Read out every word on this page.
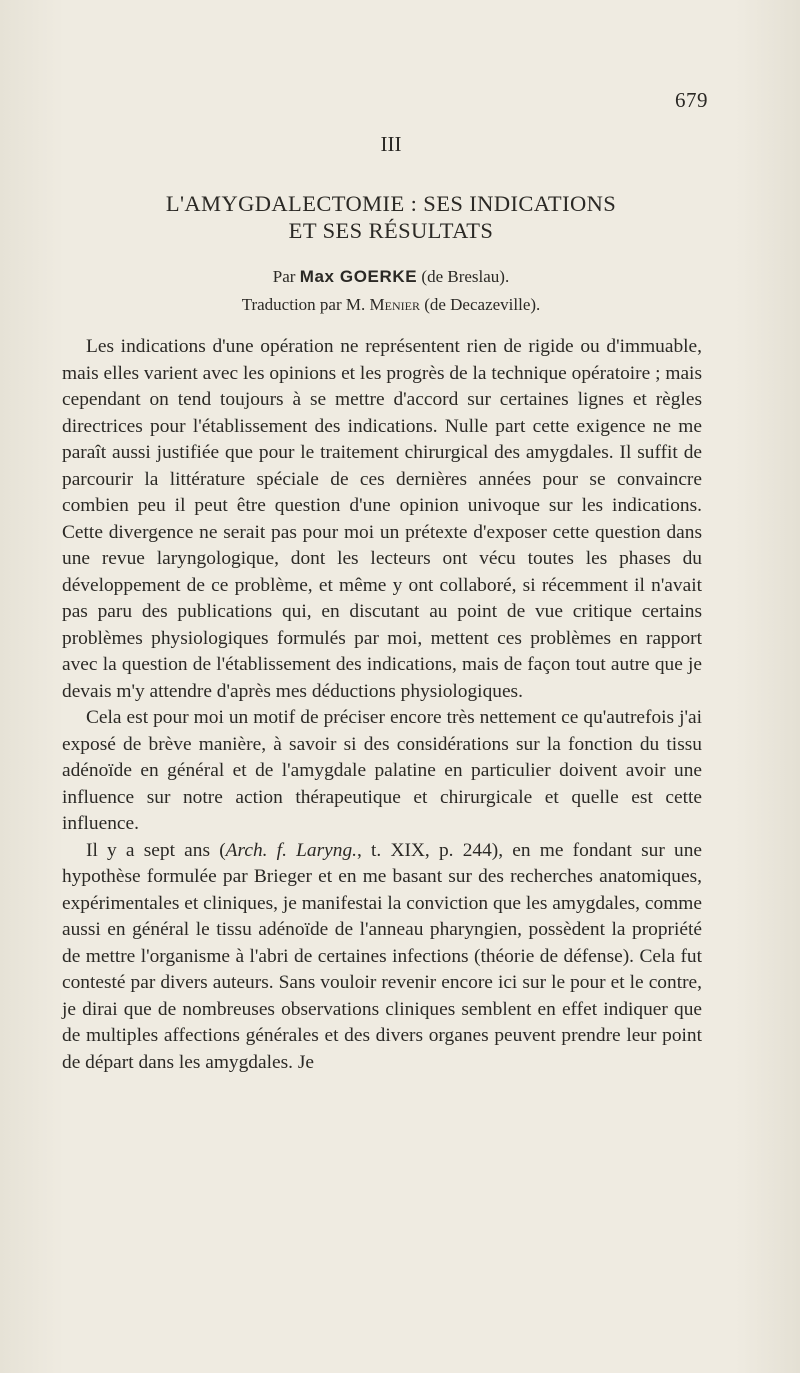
679
III
L'AMYGDALECTOMIE : SES INDICATIONS
ET SES RÉSULTATS
Par Max GOERKE (de Breslau).
Traduction par M. Menier (de Decazeville).

Les indications d'une opération ne représentent rien de rigide ou d'immuable, mais elles varient avec les opinions et les progrès de la technique opératoire ; mais cependant on tend toujours à se mettre d'accord sur certaines lignes et règles directrices pour l'établissement des indications. Nulle part cette exigence ne me paraît aussi justifiée que pour le traitement chirurgical des amygdales. Il suffit de parcourir la littérature spéciale de ces dernières années pour se convaincre combien peu il peut être question d'une opinion univoque sur les indications. Cette divergence ne serait pas pour moi un prétexte d'exposer cette question dans une revue laryngologique, dont les lecteurs ont vécu toutes les phases du développement de ce problème, et même y ont collaboré, si récemment il n'avait pas paru des publications qui, en discutant au point de vue critique certains problèmes physiologiques formulés par moi, mettent ces problèmes en rapport avec la question de l'établissement des indications, mais de façon tout autre que je devais m'y attendre d'après mes déductions physiologiques.

Cela est pour moi un motif de préciser encore très nettement ce qu'autrefois j'ai exposé de brève manière, à savoir si des considérations sur la fonction du tissu adénoïde en général et de l'amygdale palatine en particulier doivent avoir une influence sur notre action thérapeutique et chirurgicale et quelle est cette influence.

Il y a sept ans (Arch. f. Laryng., t. XIX, p. 244), en me fondant sur une hypothèse formulée par Brieger et en me basant sur des recherches anatomiques, expérimentales et cliniques, je manifestai la conviction que les amygdales, comme aussi en général le tissu adénoïde de l'anneau pharyngien, possèdent la propriété de mettre l'organisme à l'abri de certaines infections (théorie de défense). Cela fut contesté par divers auteurs. Sans vouloir revenir encore ici sur le pour et le contre, je dirai que de nombreuses observations cliniques semblent en effet indiquer que de multiples affections générales et des divers organes peuvent prendre leur point de départ dans les amygdales. Je
